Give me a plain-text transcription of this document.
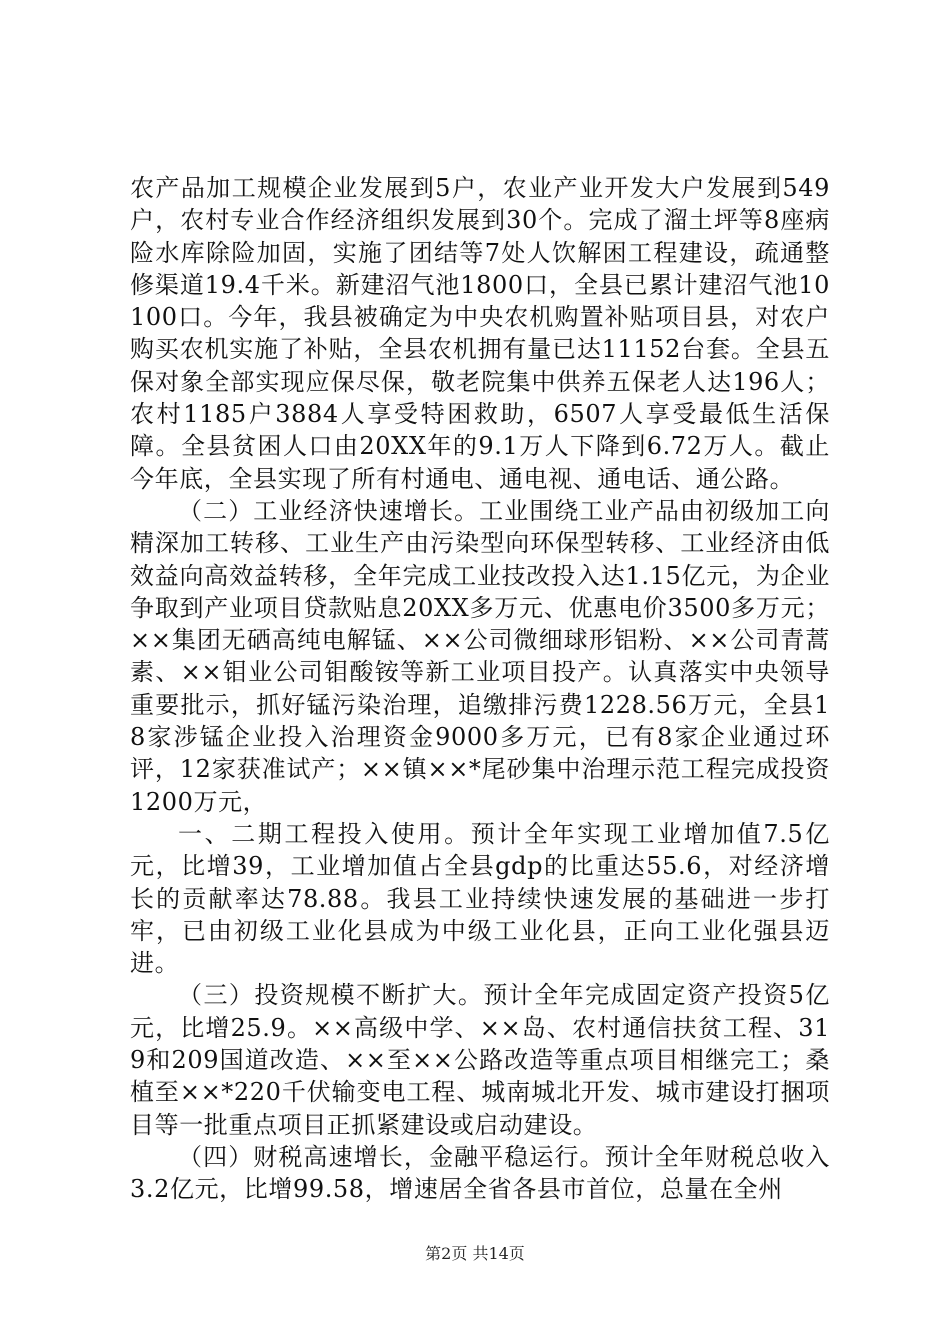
农产品加工规模企业发展到5户，农业产业开发大户发展到549户，农村专业合作经济组织发展到30个。完成了溜土坪等8座病险水库除险加固，实施了团结等7处人饮解困工程建设，疏通整修渠道19.4千米。新建沼气池1800口，全县已累计建沼气池10100口。今年，我县被确定为中央农机购置补贴项目县，对农户购买农机实施了补贴，全县农机拥有量已达11152台套。全县五保对象全部实现应保尽保，敬老院集中供养五保老人达196人；农村1185户3884人享受特困救助，6507人享受最低生活保障。全县贫困人口由20XX年的9.1万人下降到6.72万人。截止今年底，全县实现了所有村通电、通电视、通电话、通公路。

（二）工业经济快速增长。工业围绕工业产品由初级加工向精深加工转移、工业生产由污染型向环保型转移、工业经济由低效益向高效益转移，全年完成工业技改投入达1.15亿元，为企业争取到产业项目贷款贴息20XX多万元、优惠电价3500多万元；××集团无硒高纯电解锰、××公司微细球形铝粉、××公司青蒿素、××钼业公司钼酸铵等新工业项目投产。认真落实中央领导重要批示，抓好锰污染治理，追缴排污费1228.56万元，全县18家涉锰企业投入治理资金9000多万元，已有8家企业通过环评，12家获准试产；××镇××*尾砂集中治理示范工程完成投资1200万元，

一、二期工程投入使用。预计全年实现工业增加值7.5亿元，比增39，工业增加值占全县gdp的比重达55.6，对经济增长的贡献率达78.88。我县工业持续快速发展的基础进一步打牢，已由初级工业化县成为中级工业化县，正向工业化强县迈进。

（三）投资规模不断扩大。预计全年完成固定资产投资5亿元，比增25.9。××高级中学、××岛、农村通信扶贫工程、319和209国道改造、××至××公路改造等重点项目相继完工；桑植至××*220千伏输变电工程、城南城北开发、城市建设打捆项目等一批重点项目正抓紧建设或启动建设。

（四）财税高速增长，金融平稳运行。预计全年财税总收入3.2亿元，比增99.58，增速居全省各县市首位，总量在全州

第2页 共14页
